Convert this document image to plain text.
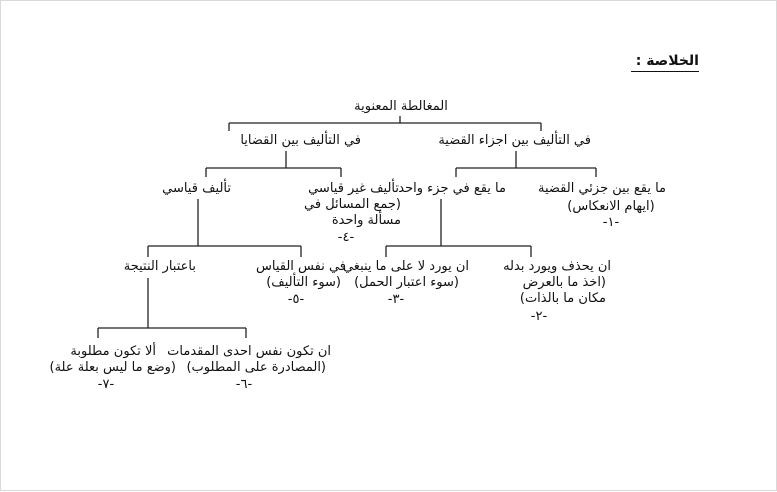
الخلاصة :
المغالطة المعنوية
في التأليف بين اجزاء القضية
في التأليف بين القضايا
ما يقع بين جزئي القضية
(ايهام الانعكاس)
-١-
ما يقع في جزء واحد
تأليف غير قياسي
(جمع المسائل في
مسألة واحدة
-٤-
تأليف قياسي
ان يحذف ويورد بدله
(اخذ ما بالعرض
مكان ما بالذات)
-٢-
ان يورد لا على ما ينبغي
(سوء اعتبار الحمل)
-٣-
في نفس القياس
(سوء التأليف)
-٥-
باعتبار النتيجة
ان تكون نفس احدى المقدمات
(المصادرة على المطلوب)
-٦-
ألا تكون مطلوبة
(وضع ما ليس بعلة علة)
-٧-
